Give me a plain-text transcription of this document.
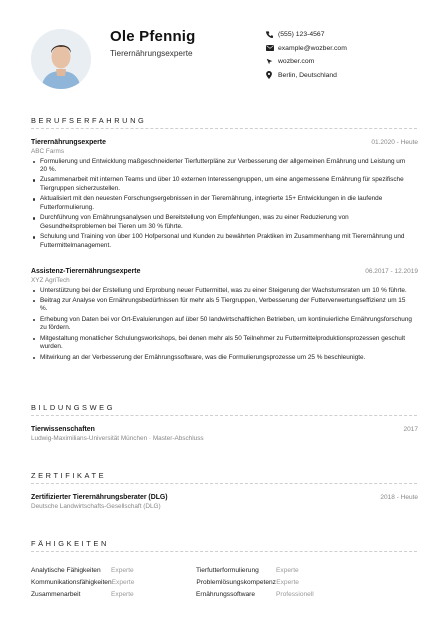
Ole Pfennig
Tierernährungsexperte
(555) 123-4567
example@wozber.com
wozber.com
Berlin, Deutschland
BERUFSERFAHRUNG
Tierernährungsexperte	01.2020 - Heute
ABC Farms
Formulierung und Entwicklung maßgeschneiderter Tierfutterpläne zur Verbesserung der allgemeinen Ernährung und Leistung um 20 %.
Zusammenarbeit mit internen Teams und über 10 externen Interessengruppen, um eine angemessene Ernährung für spezifische Tiergruppen sicherzustellen.
Aktualisiert mit den neuesten Forschungsergebnissen in der Tierernährung, integrierte 15+ Entwicklungen in die laufende Futterformulierung.
Durchführung von Ernährungsanalysen und Bereitstellung von Empfehlungen, was zu einer Reduzierung von Gesundheitsproblemen bei Tieren um 30 % führte.
Schulung und Training von über 100 Hofpersonal und Kunden zu bewährten Praktiken im Zusammenhang mit Tierernährung und Futtermittelmanagement.
Assistenz-Tierernährungsexperte	06.2017 - 12.2019
XYZ AgriTech
Unterstützung bei der Erstellung und Erprobung neuer Futtermittel, was zu einer Steigerung der Wachstumsraten um 10 % führte.
Beitrag zur Analyse von Ernährungsbedürfnissen für mehr als 5 Tiergruppen, Verbesserung der Futterverwertungseffizienz um 15 %.
Erhebung von Daten bei vor Ort-Evaluierungen auf über 50 landwirtschaftlichen Betrieben, um kontinuierliche Ernährungsforschung zu fördern.
Mitgestaltung monatlicher Schulungsworkshops, bei denen mehr als 50 Teilnehmer zu Futtermittelproduktionsprozessen geschult wurden.
Mitwirkung an der Verbesserung der Ernährungssoftware, was die Formulierungsprozesse um 25 % beschleunigte.
BILDUNGSWEG
Tierwissenschaften	2017
Ludwig-Maximilians-Universität München · Master-Abschluss
ZERTIFIKATE
Zertifizierter Tierernährungsberater (DLG)	2018 - Heute
Deutsche Landwirtschafts-Gesellschaft (DLG)
FÄHIGKEITEN
Analytische Fähigkeiten	Experte	Tierfutterformulierung	Experte
Kommunikationsfähigkeiten Experte	Problemlösungskompetenz Experte
Zusammenarbeit	Experte	Ernährungssoftware	Professionell
